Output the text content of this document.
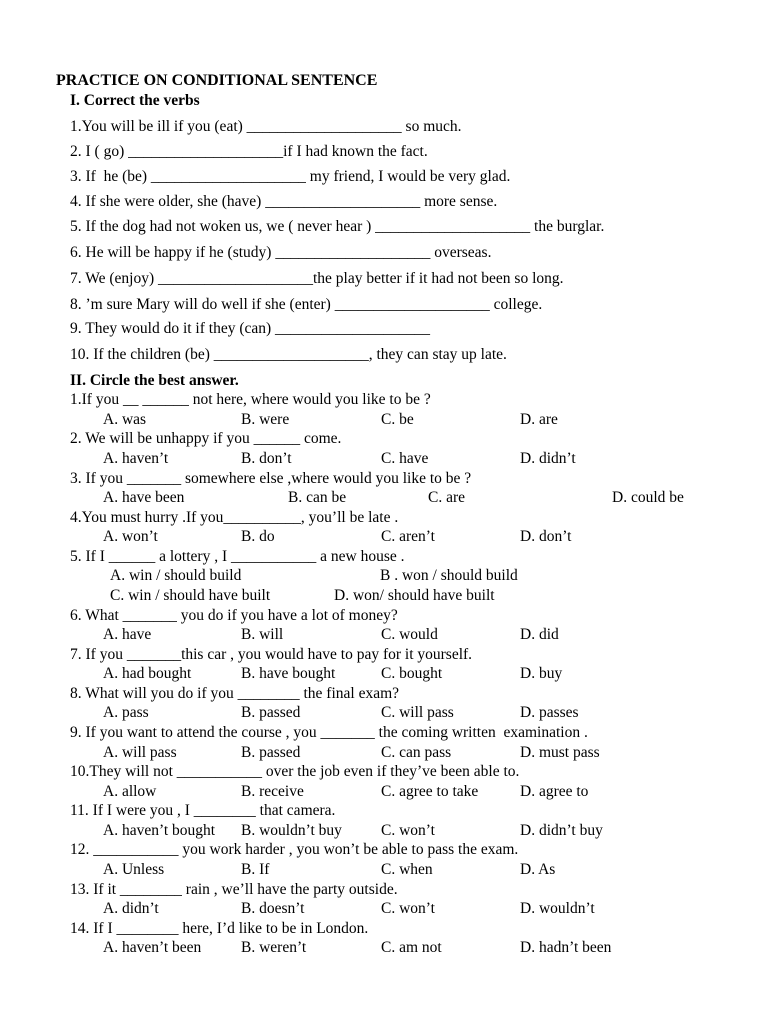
PRACTICE ON CONDITIONAL SENTENCE
I. Correct the verbs
1.You will be ill if you (eat) ____________________ so much.
2. I ( go) ____________________if I had known the fact.
3. If  he (be) ____________________ my friend, I would be very glad.
4. If she were older, she (have) ____________________ more sense.
5. If the dog had not woken us, we ( never hear ) ____________________ the burglar.
6. He will be happy if he (study) ____________________ overseas.
7. We (enjoy) ____________________the play better if it had not been so long.
8. ’m sure Mary will do well if she (enter) ____________________ college.
9. They would do it if they (can) ____________________
10. If the children (be) ____________________, they can stay up late.
II. Circle the best answer.
1.If you __ ______ not here, where would you like to be ?
A. was	B. were	C. be	D. are
2. We will be unhappy if you ______ come.
A. haven’t	B. don’t	C. have	D. didn’t
3. If you _______ somewhere else ,where would you like to be ?
A. have been	B. can be	C. are	D. could be
4.You must hurry .If you__________, you’ll be late .
A. won’t	B. do	C. aren’t	D. don’t
5. If I ______ a lottery , I ___________ a new house .
A. win / should build	B . won / should build
C. win / should have built	D. won/ should have built
6. What _______ you do if you have a lot of money?
A. have	B. will	C. would	D. did
7. If you _______this car , you would have to pay for it yourself.
A. had bought	B. have bought	C. bought	D. buy
8. What will you do if you ________ the final exam?
A. pass	B. passed	C. will pass	D. passes
9. If you want to attend the course , you _______ the coming written  examination .
A. will pass	B. passed	C. can pass	D. must pass
10.They will not ___________ over the job even if they’ve been able to.
A. allow	B. receive	C. agree to take	D. agree to
11. If I were you , I ________ that camera.
A. haven’t bought B. wouldn’t buy	C. won’t	D. didn’t buy
12. ___________ you work harder , you won’t be able to pass the exam.
A. Unless	B. If	C. when	D. As
13. If it ________ rain , we’ll have the party outside.
A. didn’t	B. doesn’t	C. won’t	D. wouldn’t
14. If I ________ here, I’d like to be in London.
A. haven’t been	B. weren’t	C. am not	D. hadn’t been
